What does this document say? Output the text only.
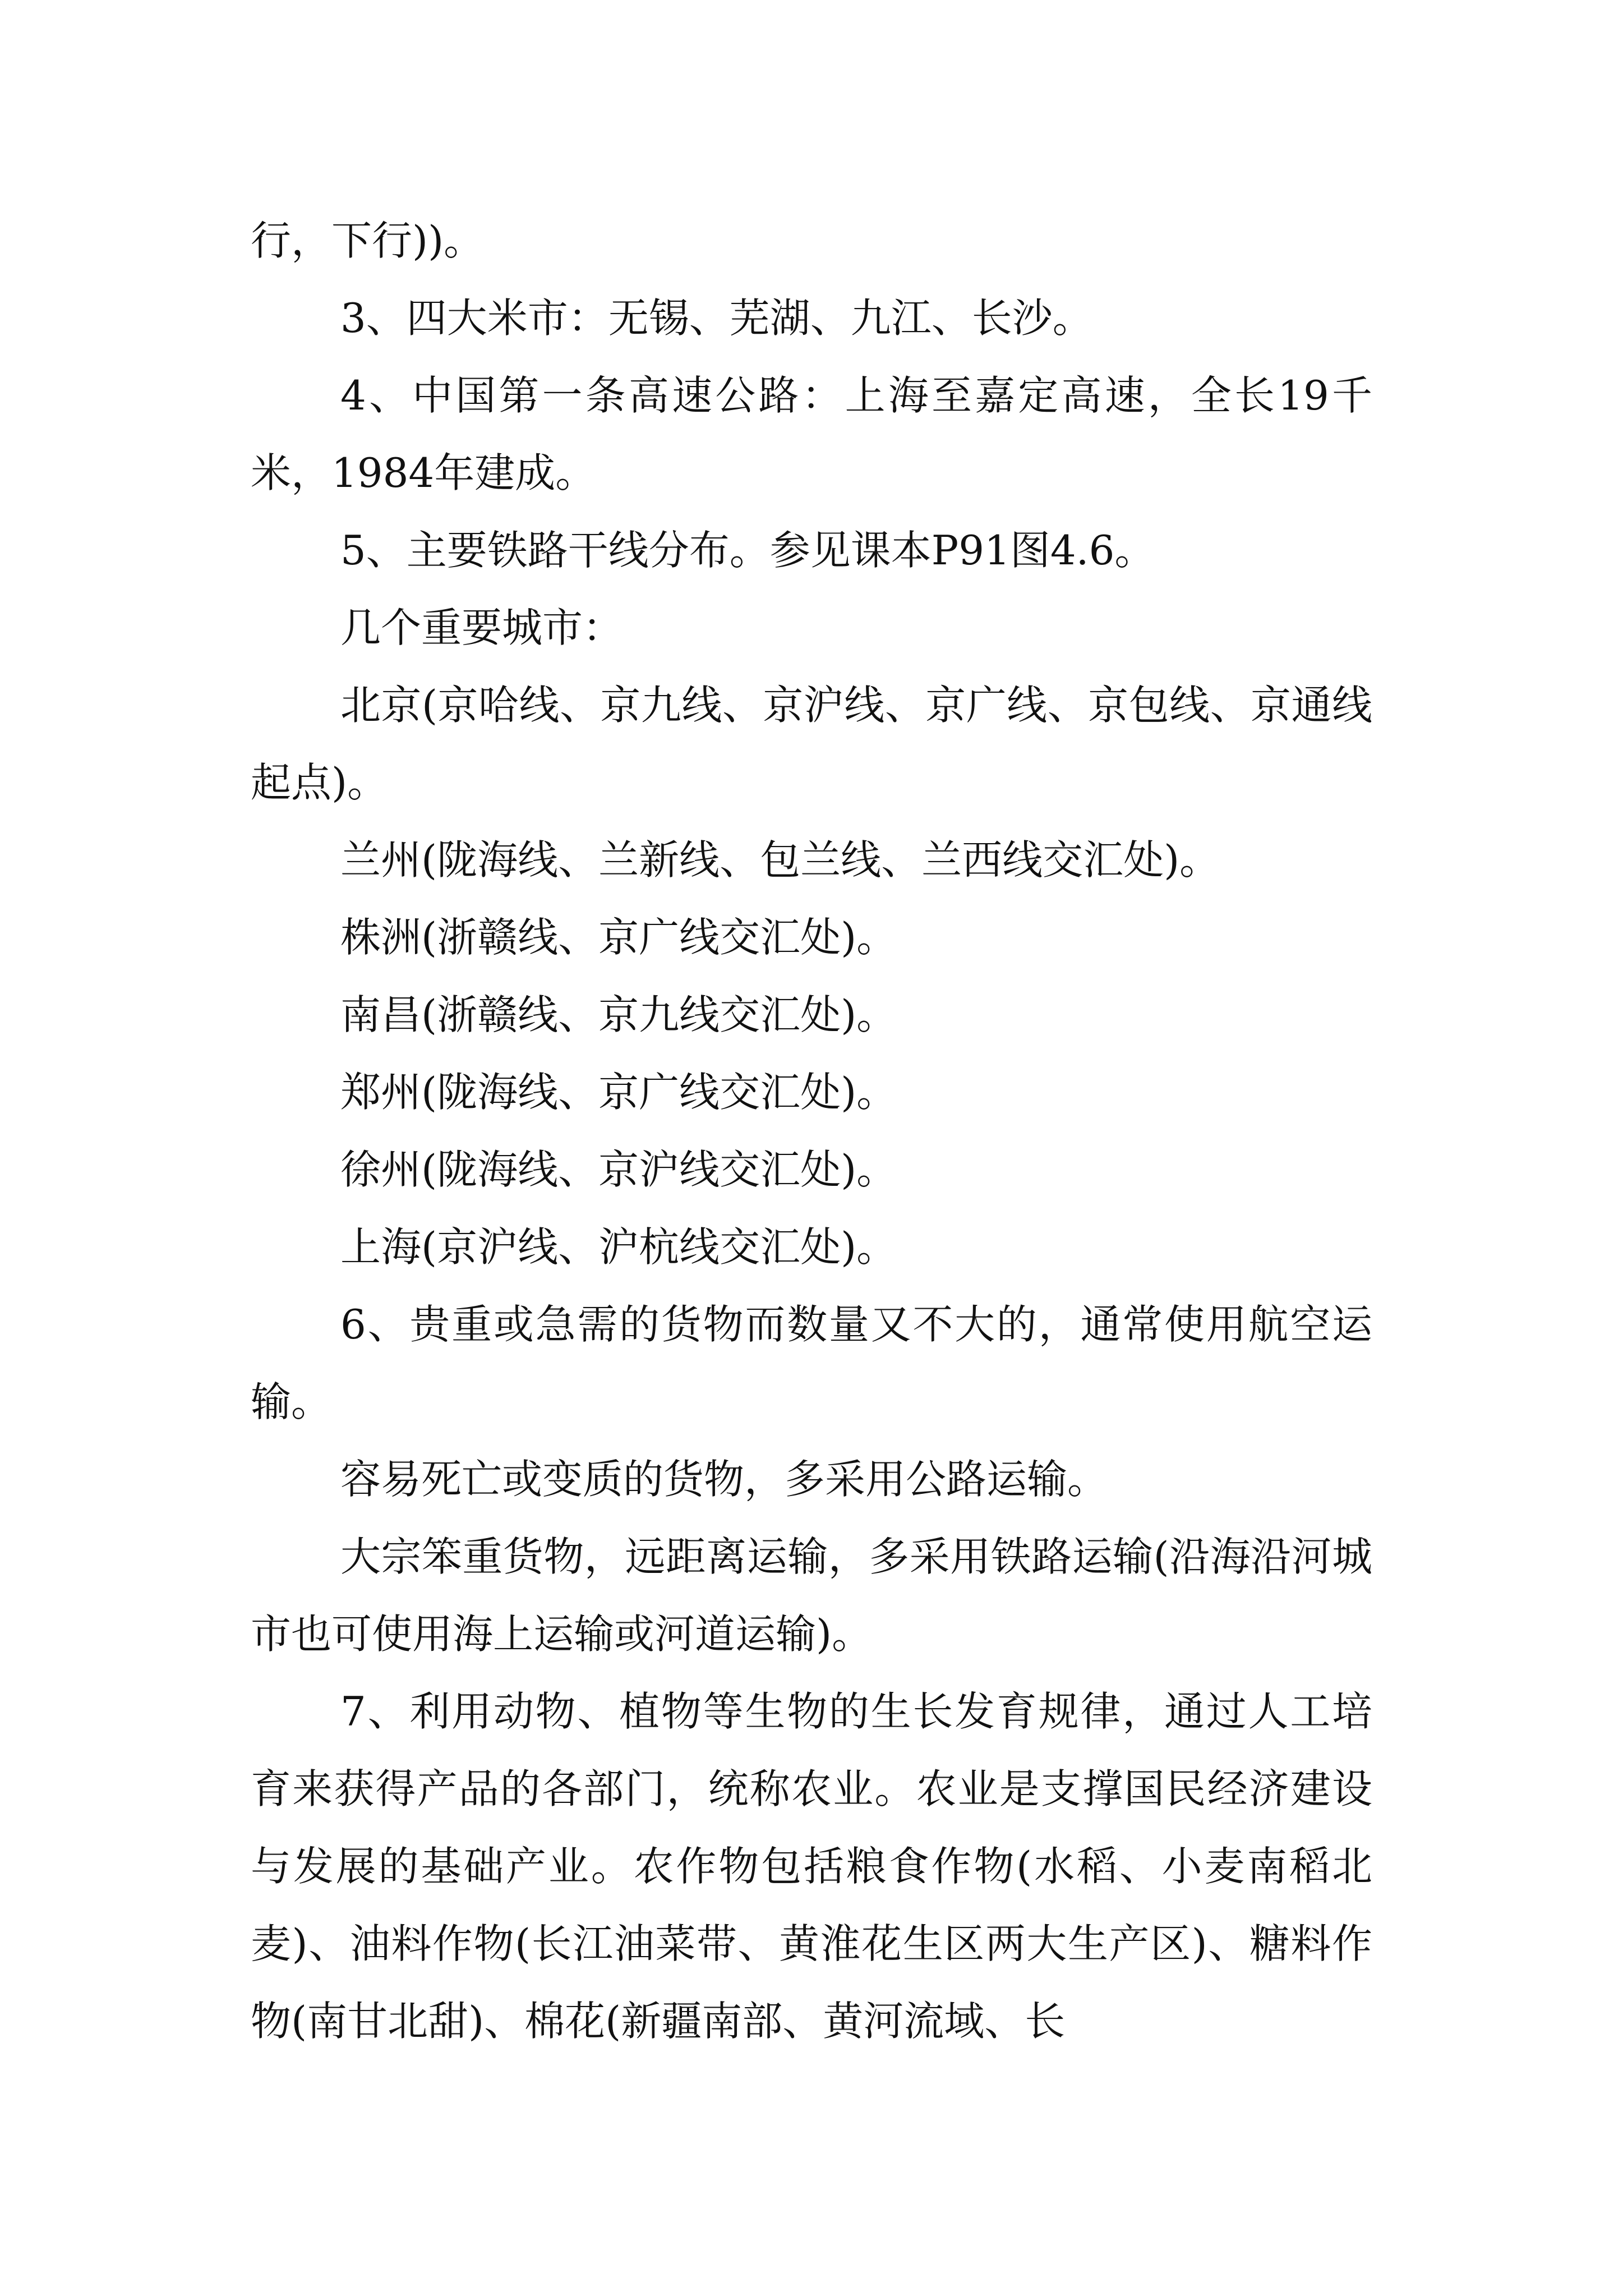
行，下行))。

3、四大米市：无锡、芜湖、九江、长沙。

4、中国第一条高速公路：上海至嘉定高速，全长19千米，1984年建成。

5、主要铁路干线分布。参见课本P91图4.6。

几个重要城市：

北京(京哈线、京九线、京沪线、京广线、京包线、京通线起点)。

兰州(陇海线、兰新线、包兰线、兰西线交汇处)。

株洲(浙赣线、京广线交汇处)。

南昌(浙赣线、京九线交汇处)。

郑州(陇海线、京广线交汇处)。

徐州(陇海线、京沪线交汇处)。

上海(京沪线、沪杭线交汇处)。

6、贵重或急需的货物而数量又不大的，通常使用航空运输。

容易死亡或变质的货物，多采用公路运输。

大宗笨重货物，远距离运输，多采用铁路运输(沿海沿河城市也可使用海上运输或河道运输)。

7、利用动物、植物等生物的生长发育规律，通过人工培育来获得产品的各部门，统称农业。农业是支撑国民经济建设与发展的基础产业。农作物包括粮食作物(水稻、小麦南稻北麦)、油料作物(长江油菜带、黄淮花生区两大生产区)、糖料作物(南甘北甜)、棉花(新疆南部、黄河流域、长
